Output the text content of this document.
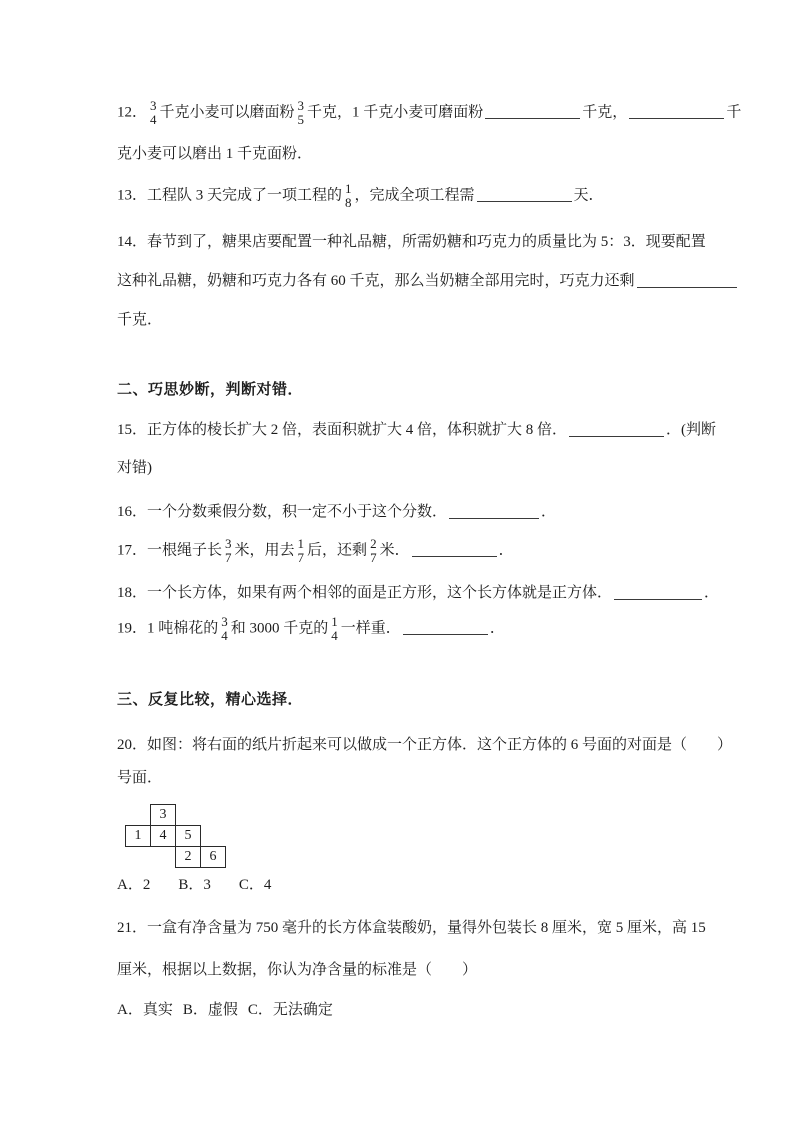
12． 3
4 千克小麦可以磨面粉 3
5 千克，1 千克小麦可磨面粉	千克，	千
克小麦可以磨出 1 千克面粉．
13．工程队 3 天完成了一项工程的 1
8 ，完成全项工程需	天．
14．春节到了，糖果店要配置一种礼品糖，所需奶糖和巧克力的质量比为 5：3．现要配置
这种礼品糖，奶糖和巧克力各有 60 千克，那么当奶糖全部用完时，巧克力还剩
千克．
二、巧思妙断，判断对错．
15．正方体的棱长扩大 2 倍，表面积就扩大 4 倍，体积就扩大 8 倍．	．(判断
对错)
16．一个分数乘假分数，积一定不小于这个分数．	．
17．一根绳子长 3
7 米，用去 1
7 后，还剩 2
7 米．	．
18．一个长方体，如果有两个相邻的面是正方形，这个长方体就是正方体．	．
19．1 吨棉花的 3
4 和 3000 千克的 1
4 一样重．	．
三、反复比较，精心选择．
20．如图：将右面的纸片折起来可以做成一个正方体．这个正方体的 6 号面的对面是（　　）
号面．
3
1	4	5
2	6
A．2 B．3 C．4
21．一盒有净含量为 750 毫升的长方体盒装酸奶，量得外包装长 8 厘米，宽 5 厘米，高 15
厘米，根据以上数据，你认为净含量的标准是（　　）
A．真实 B．虚假 C．无法确定
